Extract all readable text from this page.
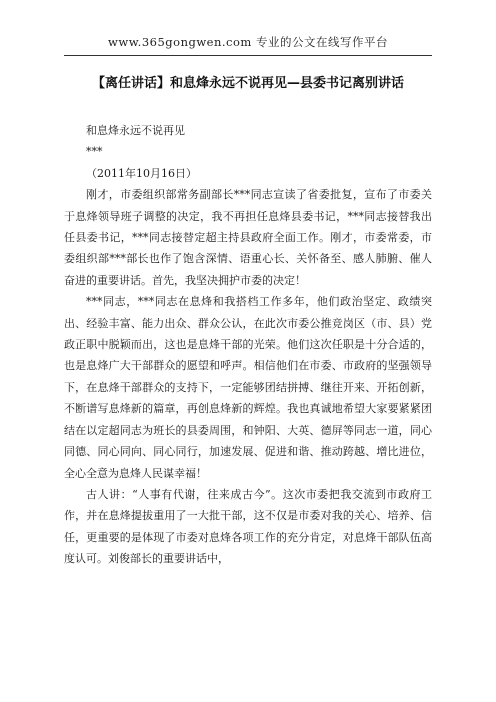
www.365gongwen.com 专业的公文在线写作平台
【离任讲话】和息烽永远不说再见—县委书记离别讲话

和息烽永远不说再见

***

（2011年10月16日）

刚才，市委组织部常务副部长***同志宣读了省委批复，宣布了市委关于息烽领导班子调整的决定，我不再担任息烽县委书记，***同志接替我出任县委书记，***同志接替定超主持县政府全面工作。刚才，市委常委，市委组织部***部长也作了饱含深情、语重心长、关怀备至、感人肺腑、催人奋进的重要讲话。首先，我坚决拥护市委的决定！

***同志，***同志在息烽和我搭档工作多年，他们政治坚定、政绩突出、经验丰富、能力出众、群众公认，在此次市委公推竞岗区（市、县）党政正职中脱颖而出，这也是息烽干部的光荣。他们这次任职是十分合适的，也是息烽广大干部群众的愿望和呼声。相信他们在市委、市政府的坚强领导下，在息烽干部群众的支持下，一定能够团结拼搏、继往开来、开拓创新，不断谱写息烽新的篇章，再创息烽新的辉煌。我也真诚地希望大家要紧紧团结在以定超同志为班长的县委周围，和钟阳、大英、德屏等同志一道，同心同德、同心同向、同心同行，加速发展、促进和谐、推动跨越、增比进位，全心全意为息烽人民谋幸福！

古人讲：“人事有代谢，往来成古今”。这次市委把我交流到市政府工作，并在息烽提拔重用了一大批干部，这不仅是市委对我的关心、培养、信任，更重要的是体现了市委对息烽各项工作的充分肯定，对息烽干部队伍高度认可。刘俊部长的重要讲话中，
